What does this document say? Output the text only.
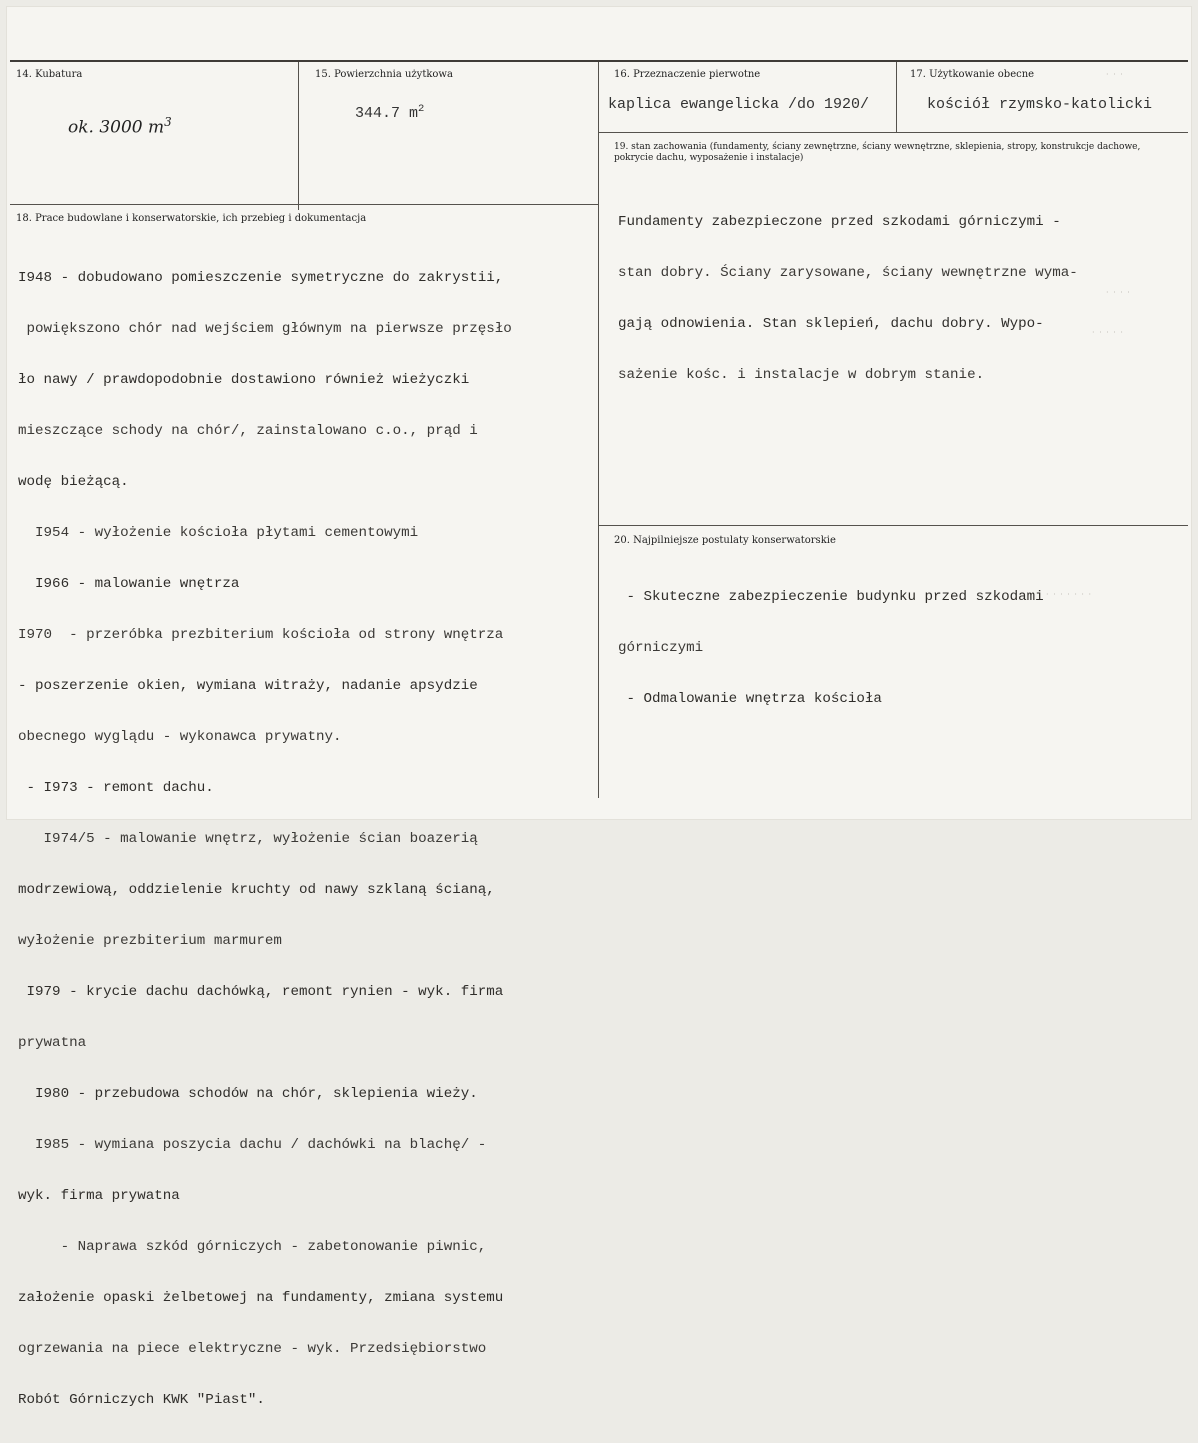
14. Kubatura
ok. 3000 $m^3$
15. Powierzchnia użytkowa
344.7 $m^2$
16. Przeznaczenie pierwotne
kaplica ewangelicka /do 1920/
17. Użytkowanie obecne
kościół rzymsko-katolicki
· · ·
18. Prace budowlane i konserwatorskie, ich przebieg i dokumentacja

I948 - dobudowano pomieszczenie symetryczne do zakrystii,

powiększono chór nad wejściem głównym na pierwsze przęsło

ło nawy / prawdopodobnie dostawiono również wieżyczki

mieszczące schody na chór/, zainstalowano c.o., prąd i

wodę bieżącą.

I954 - wyłożenie kościoła płytami cementowymi

I966 - malowanie wnętrza

I970  - przeróbka prezbiterium kościoła od strony wnętrza

- poszerzenie okien, wymiana witraży, nadanie apsydzie

obecnego wyglądu - wykonawca prywatny.

- I973 - remont dachu.

I974/5 - malowanie wnętrz, wyłożenie ścian boazerią

modrzewiową, oddzielenie kruchty od nawy szklaną ścianą,

wyłożenie prezbiterium marmurem

I979 - krycie dachu dachówką, remont rynien - wyk. firma

prywatna

I980 - przebudowa schodów na chór, sklepienia wieży.

I985 - wymiana poszycia dachu / dachówki na blachę/ -

wyk. firma prywatna

- Naprawa szkód górniczych - zabetonowanie piwnic,

założenie opaski żelbetowej na fundamenty, zmiana systemu

ogrzewania na piece elektryczne - wyk. Przedsiębiorstwo

Robót Górniczych KWK "Piast".

19. stan zachowania (fundamenty, ściany zewnętrzne, ściany wewnętrzne, sklepienia, stropy, konstrukcje dachowe, pokrycie dachu, wyposażenie i instalacje)

Fundamenty zabezpieczone przed szkodami górniczymi -

stan dobry. Ściany zarysowane, ściany wewnętrzne wyma-

gają odnowienia. Stan sklepień, dachu dobry. Wypo-

sażenie kośc. i instalacje w dobrym stanie.

· · · ·
· · · · ·
20. Najpilniejsze postulaty konserwatorskie

- Skuteczne zabezpieczenie budynku przed szkodami

górniczymi

- Odmalowanie wnętrza kościoła

· · · · · · ·
